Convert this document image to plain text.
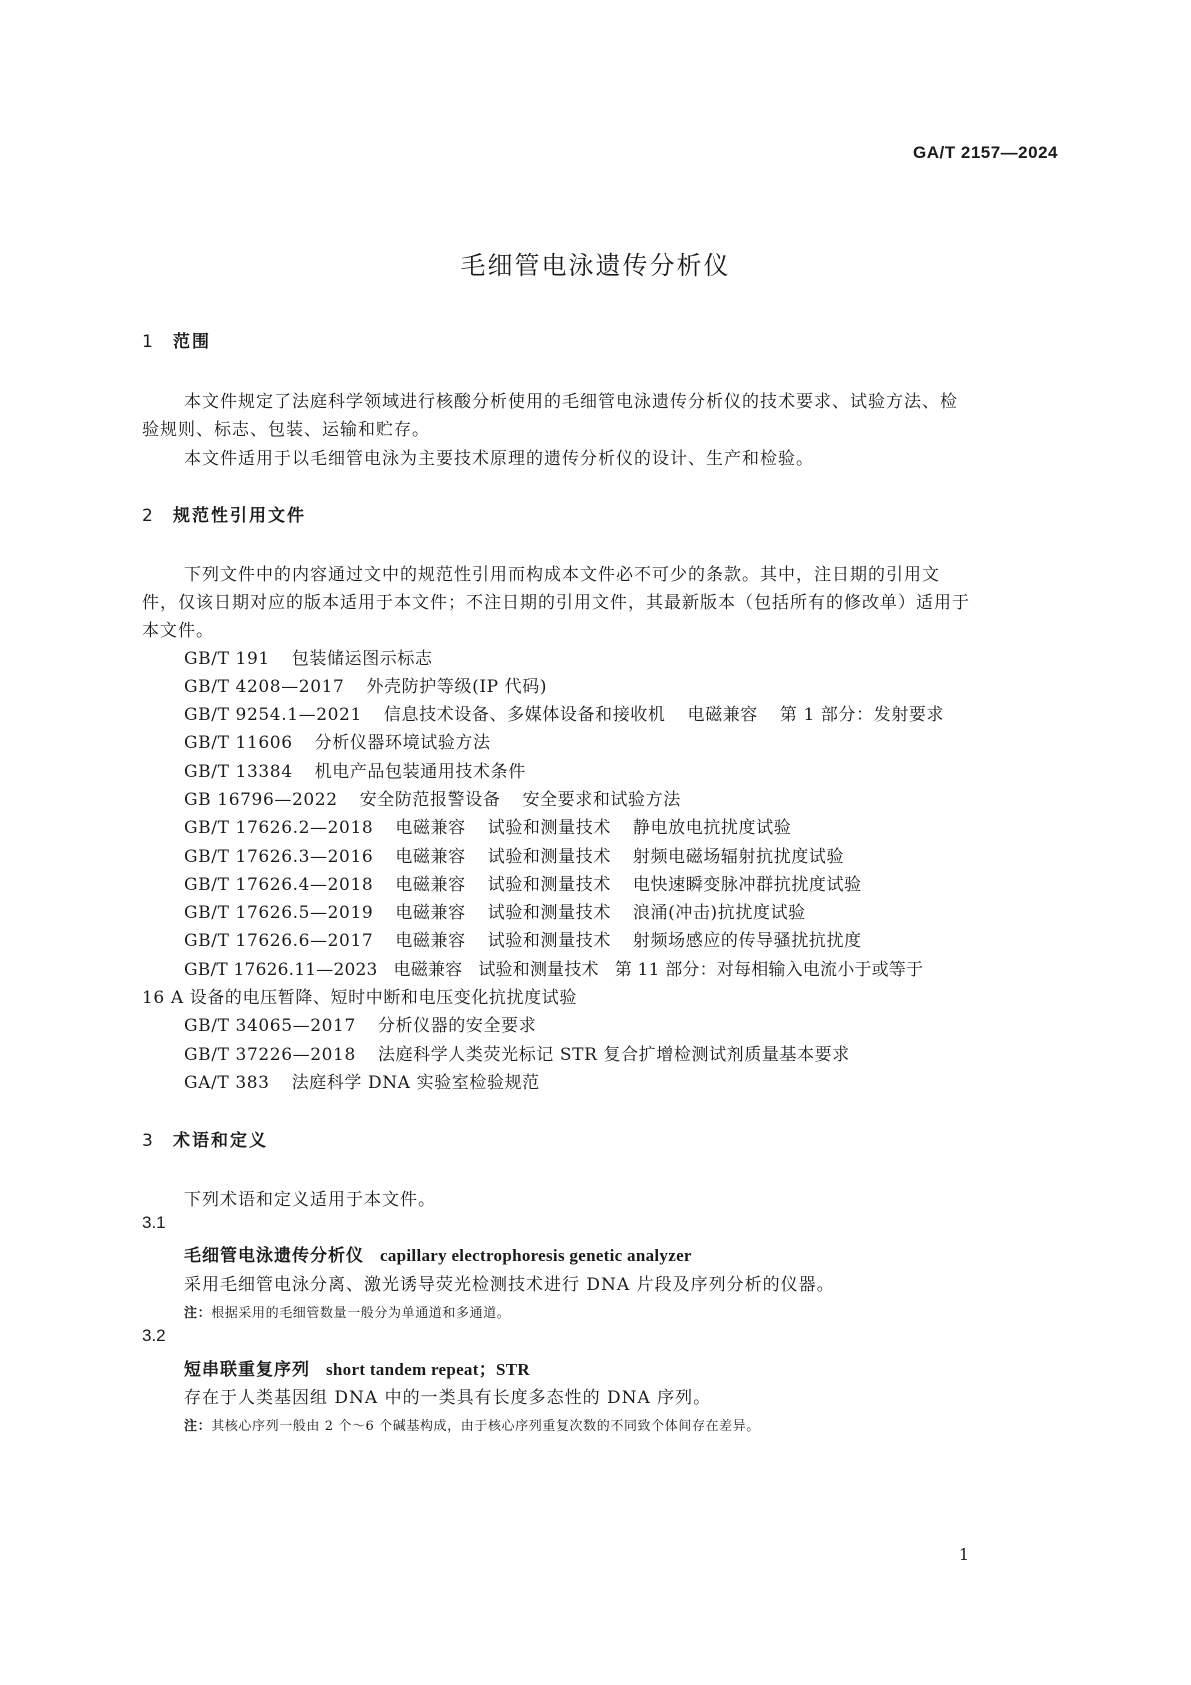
GA/T 2157—2024
毛细管电泳遗传分析仪
1 范围
本文件规定了法庭科学领域进行核酸分析使用的毛细管电泳遗传分析仪的技术要求、试验方法、检
验规则、标志、包装、运输和贮存。
本文件适用于以毛细管电泳为主要技术原理的遗传分析仪的设计、生产和检验。
2 规范性引用文件
下列文件中的内容通过文中的规范性引用而构成本文件必不可少的条款。其中，注日期的引用文
件，仅该日期对应的版本适用于本文件；不注日期的引用文件，其最新版本（包括所有的修改单）适用于
本文件。
GB/T 191 包装储运图示标志
GB/T 4208—2017 外壳防护等级(IP 代码)
GB/T 9254.1—2021 信息技术设备、多媒体设备和接收机 电磁兼容 第 1 部分：发射要求
GB/T 11606 分析仪器环境试验方法
GB/T 13384 机电产品包装通用技术条件
GB 16796—2022 安全防范报警设备 安全要求和试验方法
GB/T 17626.2—2018 电磁兼容 试验和测量技术 静电放电抗扰度试验
GB/T 17626.3—2016 电磁兼容 试验和测量技术 射频电磁场辐射抗扰度试验
GB/T 17626.4—2018 电磁兼容 试验和测量技术 电快速瞬变脉冲群抗扰度试验
GB/T 17626.5—2019 电磁兼容 试验和测量技术 浪涌(冲击)抗扰度试验
GB/T 17626.6—2017 电磁兼容 试验和测量技术 射频场感应的传导骚扰抗扰度
GB/T 17626.11—2023 电磁兼容 试验和测量技术 第 11 部分：对每相输入电流小于或等于
16 A 设备的电压暂降、短时中断和电压变化抗扰度试验
GB/T 34065—2017 分析仪器的安全要求
GB/T 37226—2018 法庭科学人类荧光标记 STR 复合扩增检测试剂质量基本要求
GA/T 383 法庭科学 DNA 实验室检验规范
3 术语和定义
下列术语和定义适用于本文件。
3.1
毛细管电泳遗传分析仪 capillary electrophoresis genetic analyzer
采用毛细管电泳分离、激光诱导荧光检测技术进行 DNA 片段及序列分析的仪器。
注：根据采用的毛细管数量一般分为单通道和多通道。
3.2
短串联重复序列 short tandem repeat；STR
存在于人类基因组 DNA 中的一类具有长度多态性的 DNA 序列。
注：其核心序列一般由 2 个～6 个碱基构成，由于核心序列重复次数的不同致个体间存在差异。
1
